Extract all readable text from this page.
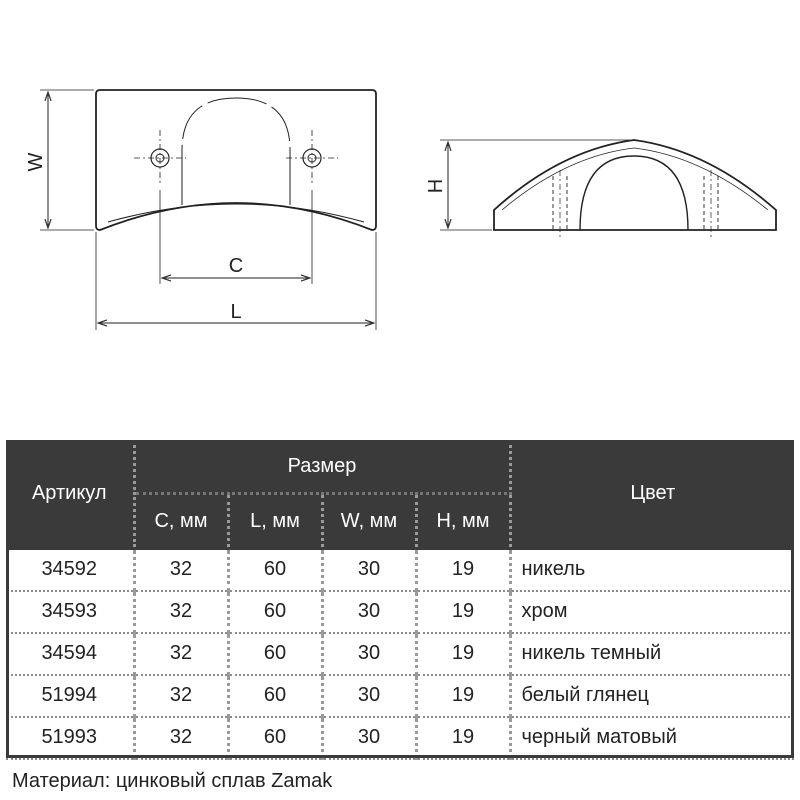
W
C
L
H
Артикул	Размер				Цвет
	C, мм	L, мм	W, мм	H, мм	
34592	32	60	30	19	никель
34593	32	60	30	19	хром
34594	32	60	30	19	никель темный
51994	32	60	30	19	белый глянец
51993	32	60	30	19	черный матовый
Материал: цинковый сплав Zamak
